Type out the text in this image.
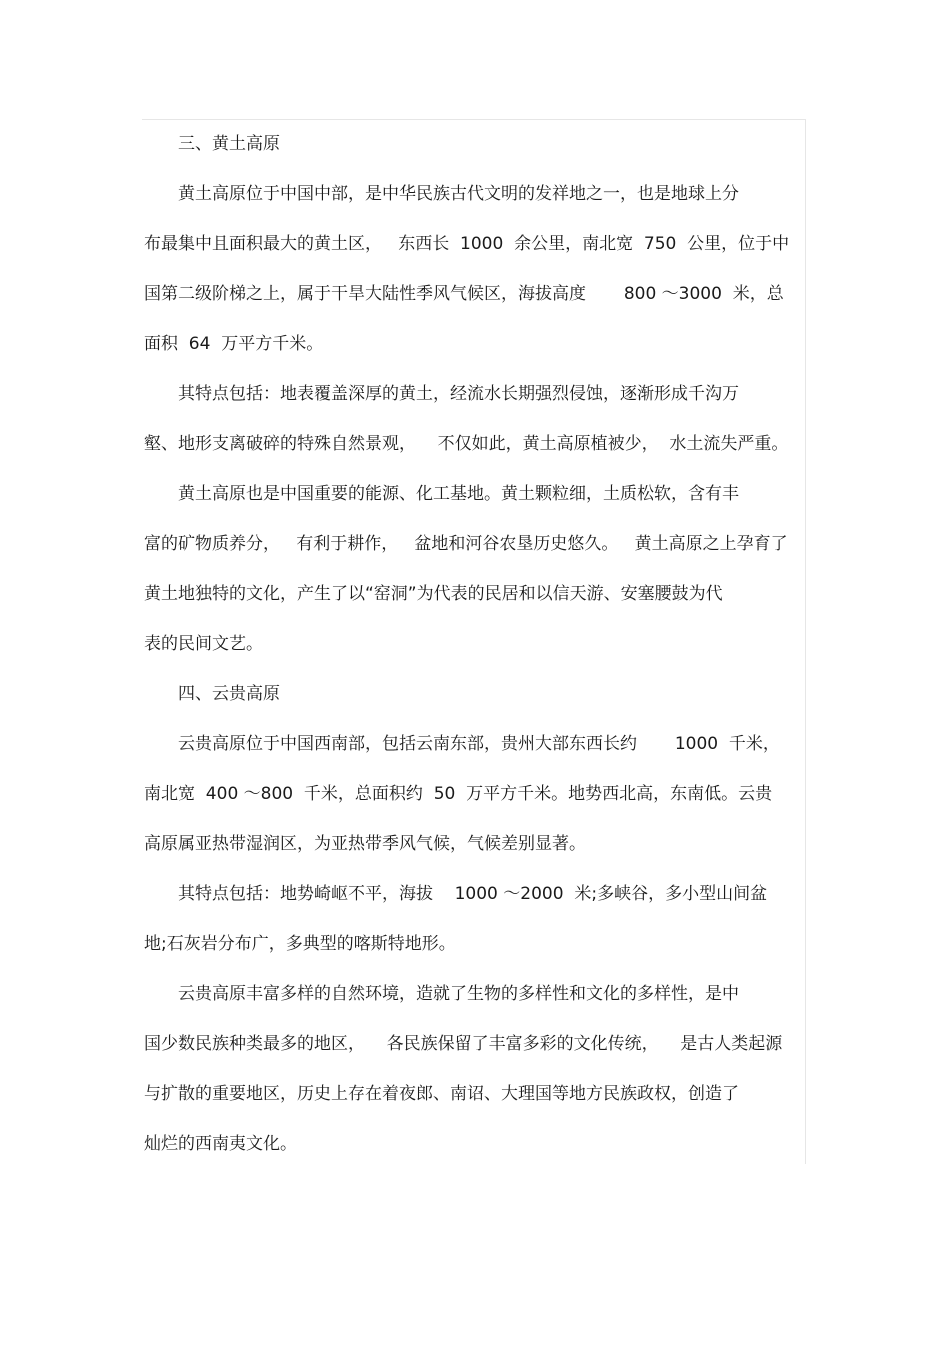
三、黄土高原
黄土高原位于中国中部，是中华民族古代文明的发祥地之一，也是地球上分
布最集中且面积最大的黄土区，   东西长  1000  余公里，南北宽  750  公里，位于中
国第二级阶梯之上，属于干旱大陆性季风气候区，海拔高度       800 ～3000  米，总
面积  64  万平方千米。
其特点包括：地表覆盖深厚的黄土，经流水长期强烈侵蚀，逐渐形成千沟万
壑、地形支离破碎的特殊自然景观，    不仅如此，黄土高原植被少，  水土流失严重。
黄土高原也是中国重要的能源、化工基地。黄土颗粒细，土质松软，含有丰
富的矿物质养分，   有利于耕作，   盆地和河谷农垦历史悠久。   黄土高原之上孕育了
黄土地独特的文化，产生了以“窑洞”为代表的民居和以信天游、安塞腰鼓为代
表的民间文艺。
四、云贵高原
云贵高原位于中国西南部，包括云南东部，贵州大部东西长约       1000  千米，
南北宽  400 ～800  千米，总面积约  50  万平方千米。地势西北高，东南低。云贵
高原属亚热带湿润区，为亚热带季风气候，气候差别显著。
其特点包括：地势崎岖不平，海拔    1000 ～2000  米;多峡谷，多小型山间盆
地;石灰岩分布广，多典型的喀斯特地形。
云贵高原丰富多样的自然环境，造就了生物的多样性和文化的多样性，是中
国少数民族种类最多的地区，    各民族保留了丰富多彩的文化传统，    是古人类起源
与扩散的重要地区，历史上存在着夜郎、南诏、大理国等地方民族政权，创造了
灿烂的西南夷文化。
